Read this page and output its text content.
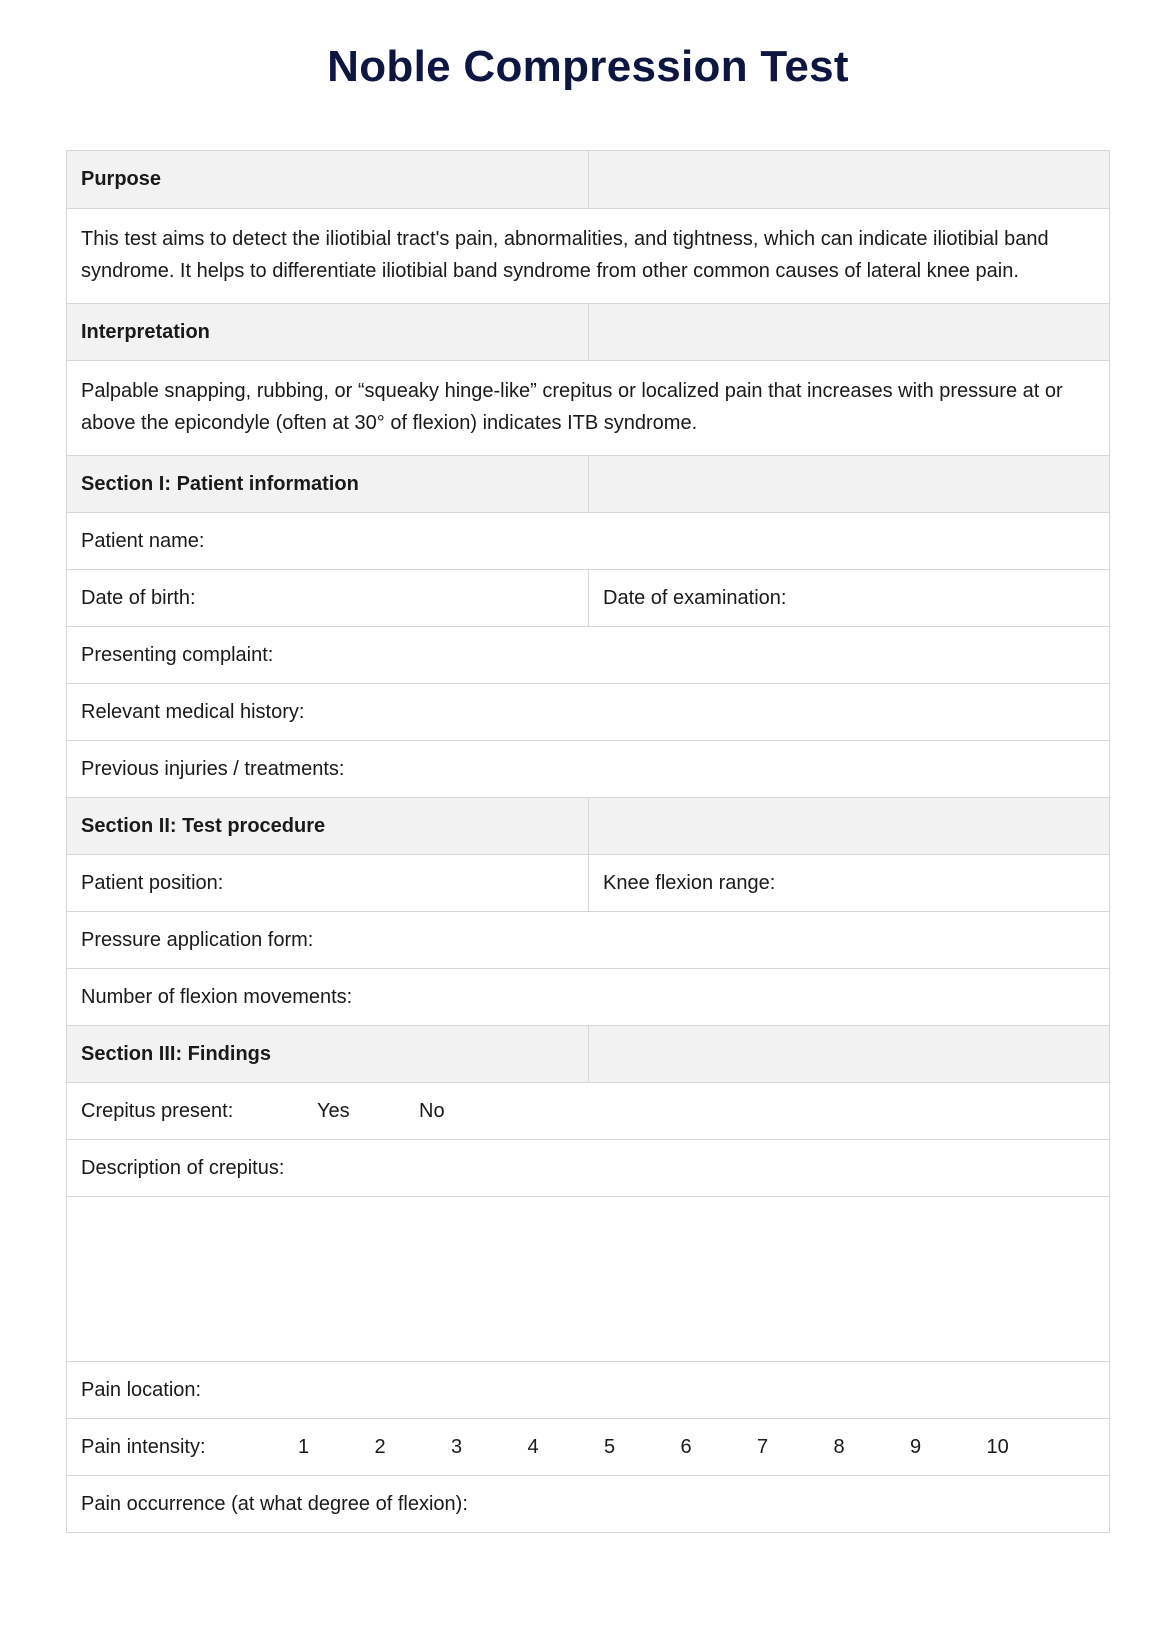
Noble Compression Test
Purpose
This test aims to detect the iliotibial tract's pain, abnormalities, and tightness, which can indicate iliotibial band syndrome. It helps to differentiate iliotibial band syndrome from other common causes of lateral knee pain.
Interpretation
Palpable snapping, rubbing, or “squeaky hinge-like” crepitus or localized pain that increases with pressure at or above the epicondyle (often at 30° of flexion) indicates ITB syndrome.
Section I: Patient information
Patient name:
Date of birth:	Date of examination:
Presenting complaint:
Relevant medical history:
Previous injuries / treatments:
Section II: Test procedure
Patient position:	Knee flexion range:
Pressure application form:
Number of flexion movements:
Section III: Findings
Crepitus present:	Yes	No
Description of crepitus:
Pain location:
Pain intensity:	1	2	3	4	5	6	7	8	9	10
Pain occurrence (at what degree of flexion):
